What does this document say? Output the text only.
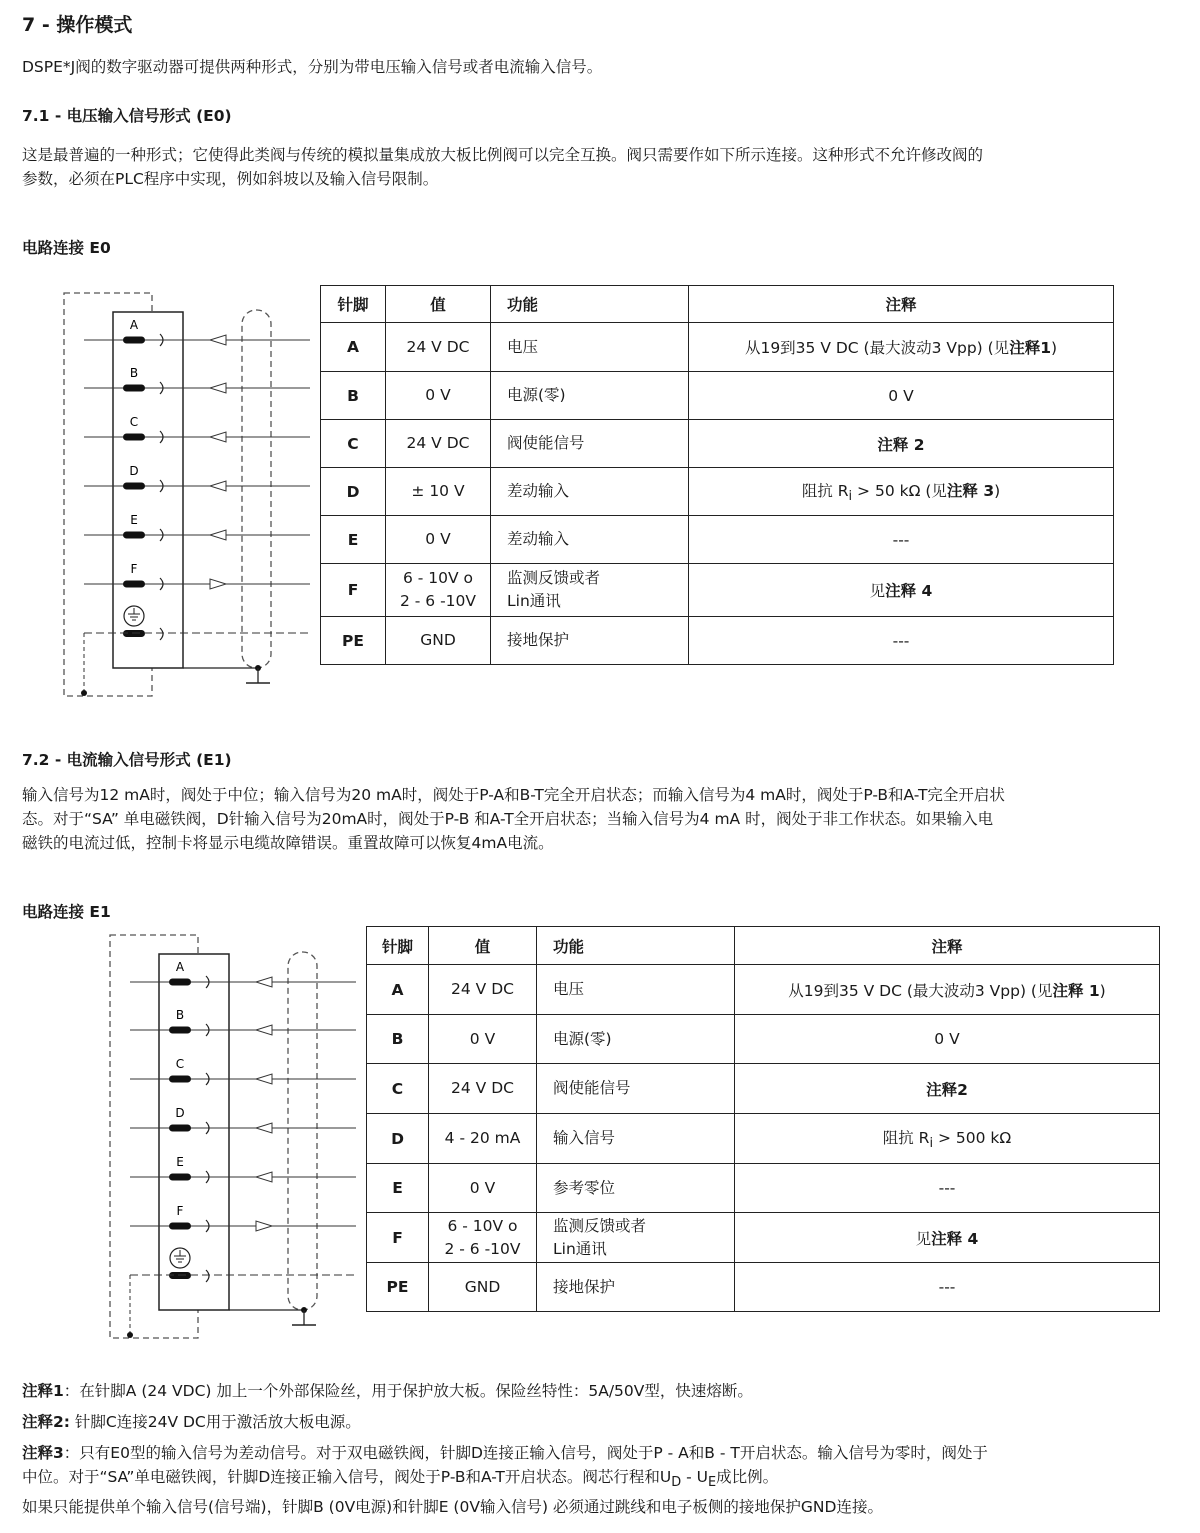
7 - 操作模式

DSPE*J阀的数字驱动器可提供两种形式，分别为带电压输入信号或者电流输入信号。

7.1 - 电压输入信号形式 (E0)

这是最普遍的一种形式；它使得此类阀与传统的模拟量集成放大板比例阀可以完全互换。阀只需要作如下所示连接。这种形式不允许修改阀的
参数，必须在PLC程序中实现，例如斜坡以及输入信号限制。

电路连接 E0

A
B
C
D
E
F
针脚	值	功能	注释
A	24 V DC	电压	从19到35 V DC (最大波动3 Vpp) (见注释1)
B	0 V	电源(零)	0 V
C	24 V DC	阀使能信号	注释 2
D	± 10 V	差动输入	阻抗 $R_i > 50$ kΩ (见注释 3)
E	0 V	差动输入	---
F	6 - 10V o
2 - 6 -10V	监测反馈或者
Lin通讯	见注释 4
PE	GND	接地保护	---

7.2 - 电流输入信号形式 (E1)

输入信号为12 mA时，阀处于中位；输入信号为20 mA时，阀处于P-A和B-T完全开启状态；而输入信号为4 mA时，阀处于P-B和A-T完全开启状
态。对于“SA” 单电磁铁阀，D针输入信号为20mA时，阀处于P-B 和A-T全开启状态；当输入信号为4 mA 时，阀处于非工作状态。如果输入电
磁铁的电流过低，控制卡将显示电缆故障错误。重置故障可以恢复4mA电流。

电路连接 E1

A
B
C
D
E
F
针脚	值	功能	注释
A	24 V DC	电压	从19到35 V DC (最大波动3 Vpp) (见注释 1)
B	0 V	电源(零)	0 V
C	24 V DC	阀使能信号	注释2
D	4 - 20 mA	输入信号	阻抗 $R_i > 500$ kΩ
E	0 V	参考零位	---
F	6 - 10V o
2 - 6 -10V	监测反馈或者
Lin通讯	见注释 4
PE	GND	接地保护	---

注释1：在针脚A (24 VDC) 加上一个外部保险丝，用于保护放大板。保险丝特性：5A/50V型，快速熔断。

注释2: 针脚C连接24V DC用于激活放大板电源。

注释3：只有E0型的输入信号为差动信号。对于双电磁铁阀，针脚D连接正输入信号，阀处于P - A和B - T开启状态。输入信号为零时，阀处于
中位。对于“SA”单电磁铁阀，针脚D连接正输入信号，阀处于P-B和A-T开启状态。阀芯行程和$U_D - U_E$成比例。
如果只能提供单个输入信号(信号端)，针脚B (0V电源)和针脚E (0V输入信号) 必须通过跳线和电子板侧的接地保护GND连接。
